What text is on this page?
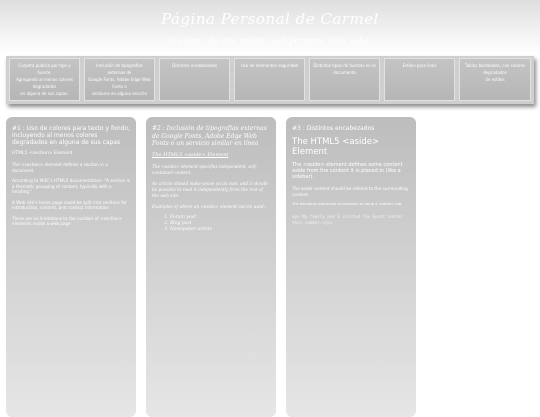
Página Personal de Carmel
Al alguno de este página web personal te de saber
Carpeta pública por tipo y fuente,
Agregando al menos colores degradados
en alguna de sus capas.
Inclusión de tipografías externas de
Google Fonts, Adobe Edge Web Fonts o
similares en alguna sección
Distintos encabezados	Uso de elementos seguridad	Distintos tipos de fuentes en el
documento
Estilos para links	Tablas bordeadas, con colores degradados
de estilos
#1 : Uso de colores para texto y fondo, incluyendo al menos colores degradados en alguna de sus capas
HTML5 <section> Element

The <section> element defines a section in a document.

According to W3C's HTML5 documentation: "A section is a thematic grouping of content, typically with a heading."

A Web site's home page could be split into sections for introduction, content, and contact information.

There are no limitations to the number of <section> elements inside a web page

#2 : Inclusión de tipografías externas de Google Fonts, Adobe Edge Web Fonts o un servicio similar en línea
The HTML5 <aside> Element

The <aside> element specifies independent, self-contained content.

An article should make sense on its own, and it should be possible to read it independently from the rest of the web site.

Examples of where an <aside> element can be used:

1. Forum post
2. Blog post
3. Newspaper article
#3 : Distintos encabezados
The HTML5 <aside> Element

The <aside> element defines some content aside from the content it is placed in (like a sidebar).

The aside content should be related to the surrounding content.

The following represents an example of using a <aside> tag:

<p> My family and I visited The Epcot center this summer.</p>
